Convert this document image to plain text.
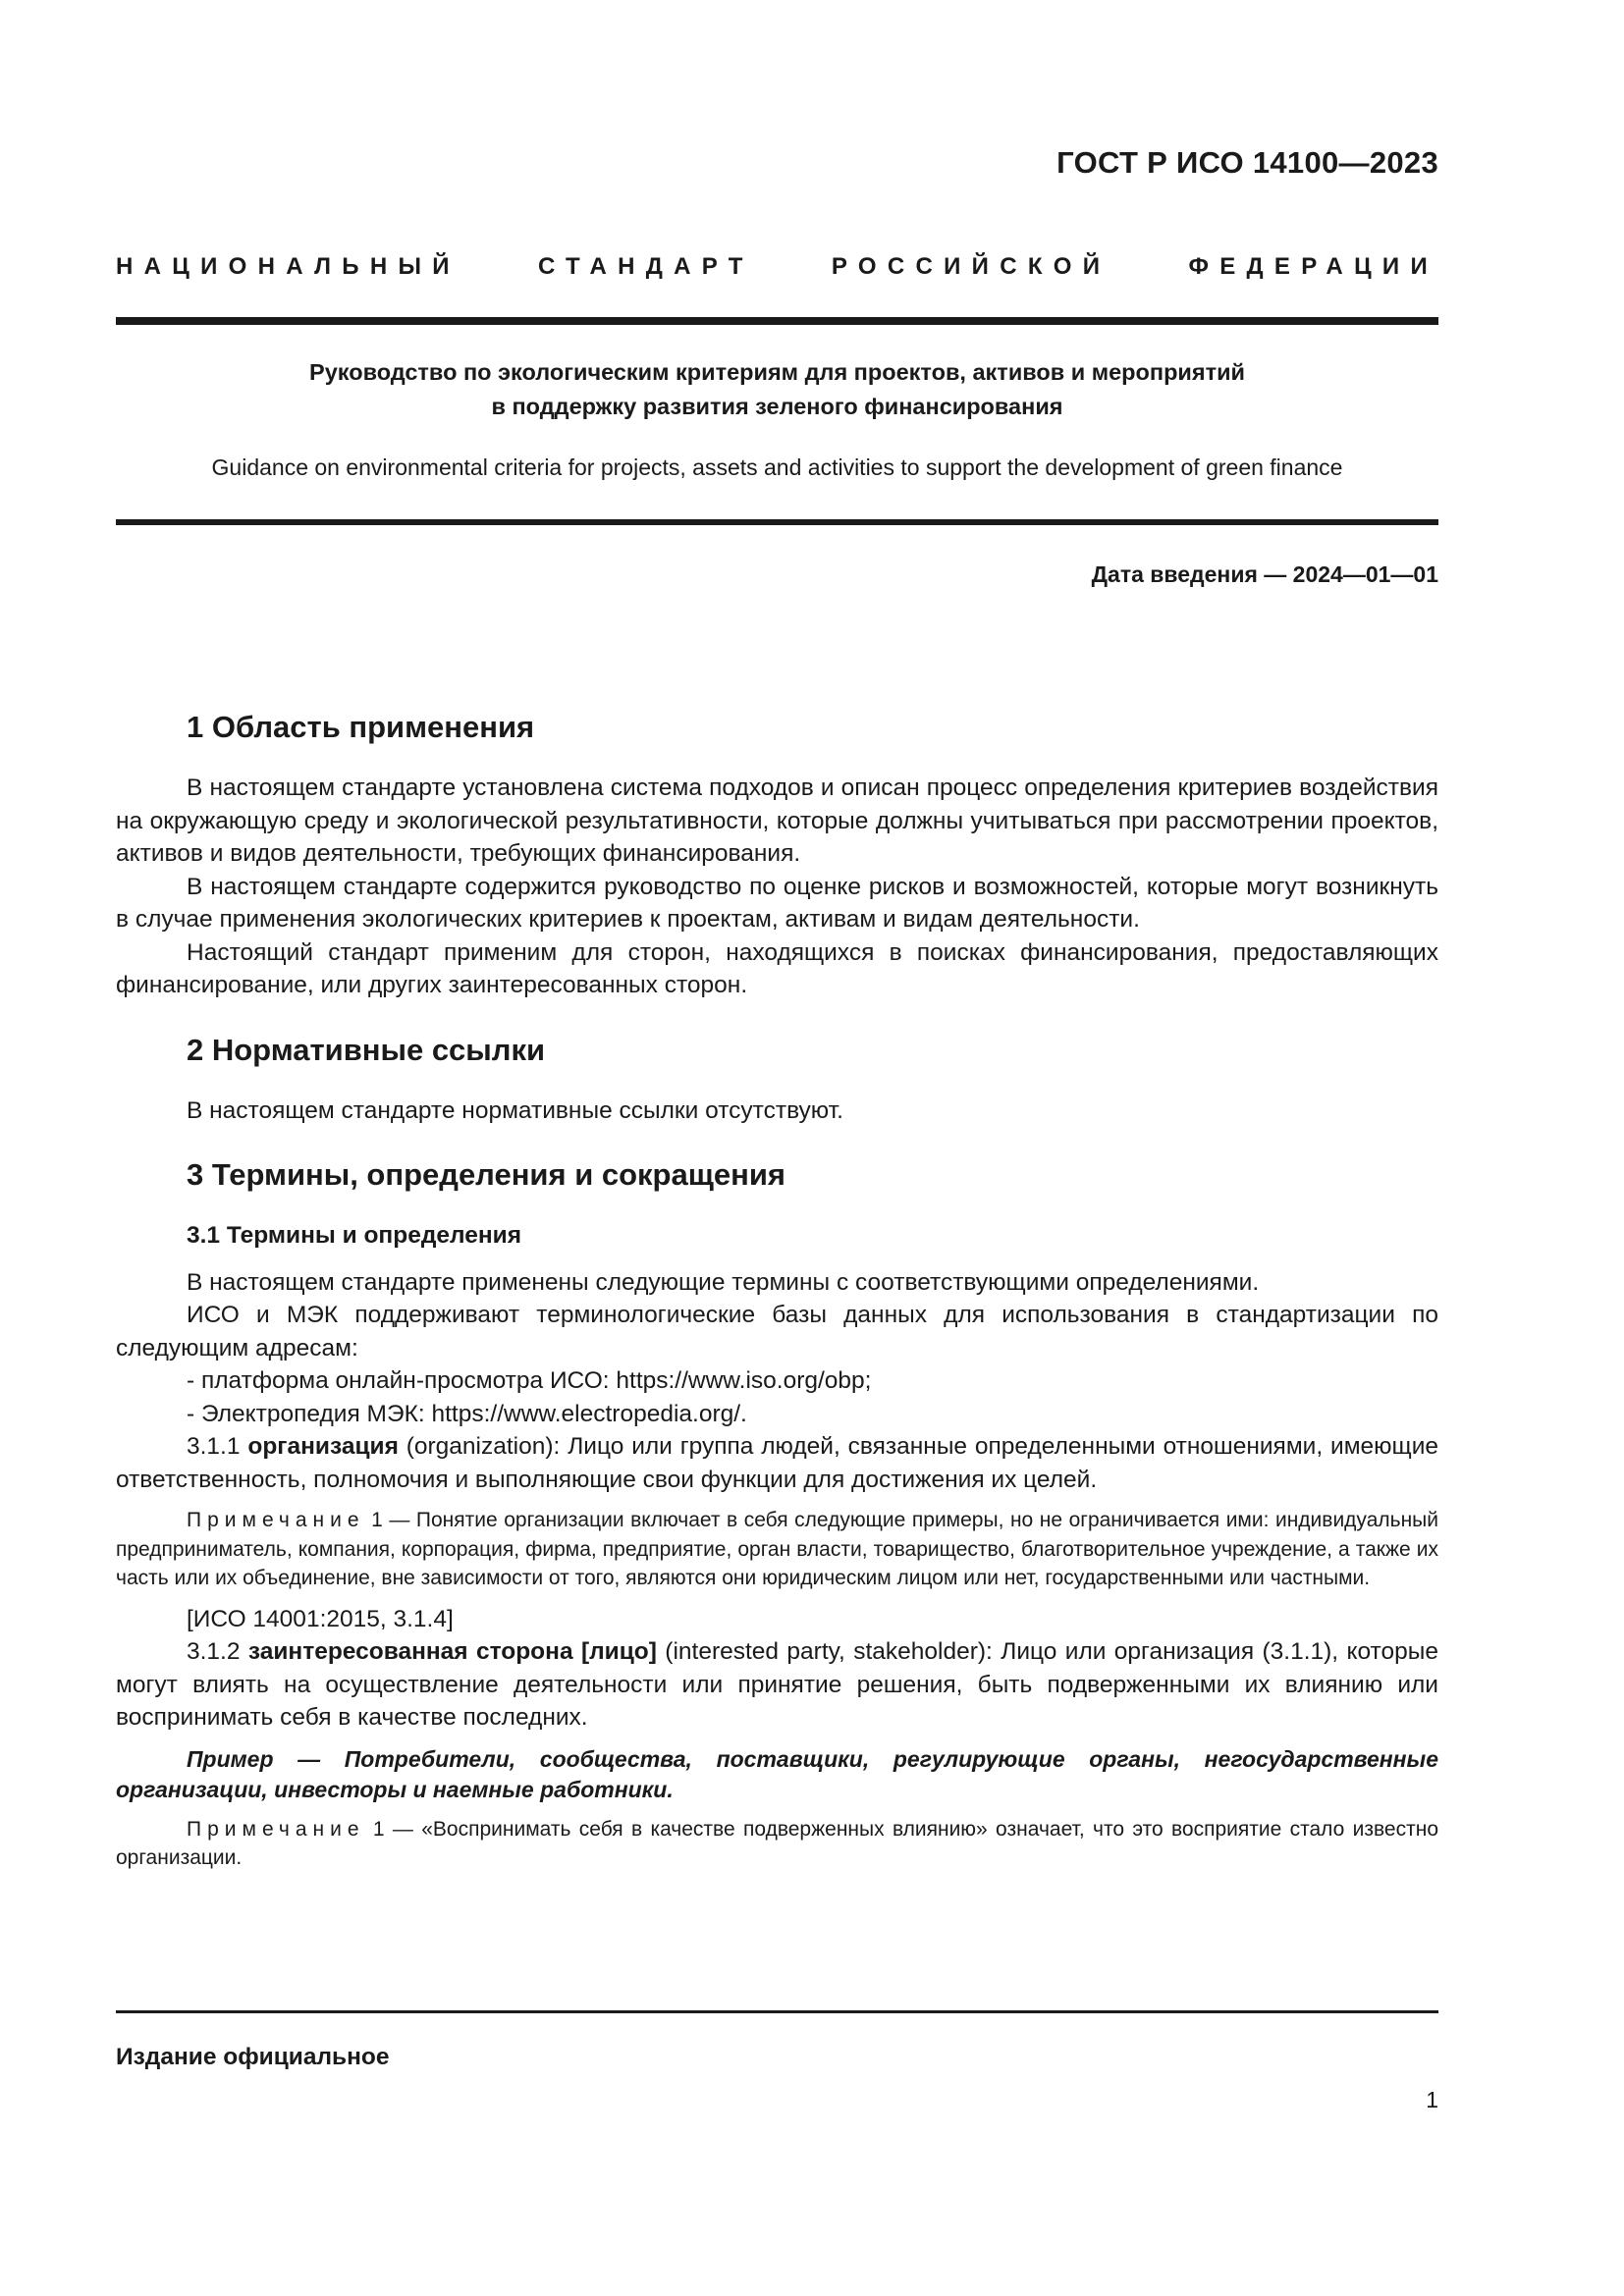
ГОСТ Р ИСО 14100—2023
НАЦИОНАЛЬНЫЙ СТАНДАРТ РОССИЙСКОЙ ФЕДЕРАЦИИ
Руководство по экологическим критериям для проектов, активов и мероприятий
в поддержку развития зеленого финансирования
Guidance on environmental criteria for projects, assets and activities to support the development of green finance
Дата введения — 2024—01—01
1 Область применения

В настоящем стандарте установлена система подходов и описан процесс определения критериев воздействия на окружающую среду и экологической результативности, которые должны учитываться при рассмотрении проектов, активов и видов деятельности, требующих финансирования.

В настоящем стандарте содержится руководство по оценке рисков и возможностей, которые могут возникнуть в случае применения экологических критериев к проектам, активам и видам деятельности.

Настоящий стандарт применим для сторон, находящихся в поисках финансирования, предоставляющих финансирование, или других заинтересованных сторон.

2 Нормативные ссылки

В настоящем стандарте нормативные ссылки отсутствуют.

3 Термины, определения и сокращения
3.1 Термины и определения

В настоящем стандарте применены следующие термины с соответствующими определениями.

ИСО и МЭК поддерживают терминологические базы данных для использования в стандартизации по следующим адресам:

- платформа онлайн-просмотра ИСО: https://www.iso.org/obp;

- Электропедия МЭК: https://www.electropedia.org/.

3.1.1 организация (organization): Лицо или группа людей, связанные определенными отношениями, имеющие ответственность, полномочия и выполняющие свои функции для достижения их целей.

Примечание 1 — Понятие организации включает в себя следующие примеры, но не ограничивается ими: индивидуальный предприниматель, компания, корпорация, фирма, предприятие, орган власти, товарищество, благотворительное учреждение, а также их часть или их объединение, вне зависимости от того, являются они юридическим лицом или нет, государственными или частными.

[ИСО 14001:2015, 3.1.4]

3.1.2 заинтересованная сторона [лицо] (interested party, stakeholder): Лицо или организация (3.1.1), которые могут влиять на осуществление деятельности или принятие решения, быть подверженными их влиянию или воспринимать себя в качестве последних.

Пример — Потребители, сообщества, поставщики, регулирующие органы, негосударственные организации, инвесторы и наемные работники.

Примечание 1 — «Воспринимать себя в качестве подверженных влиянию» означает, что это восприятие стало известно организации.

Издание официальное
1
